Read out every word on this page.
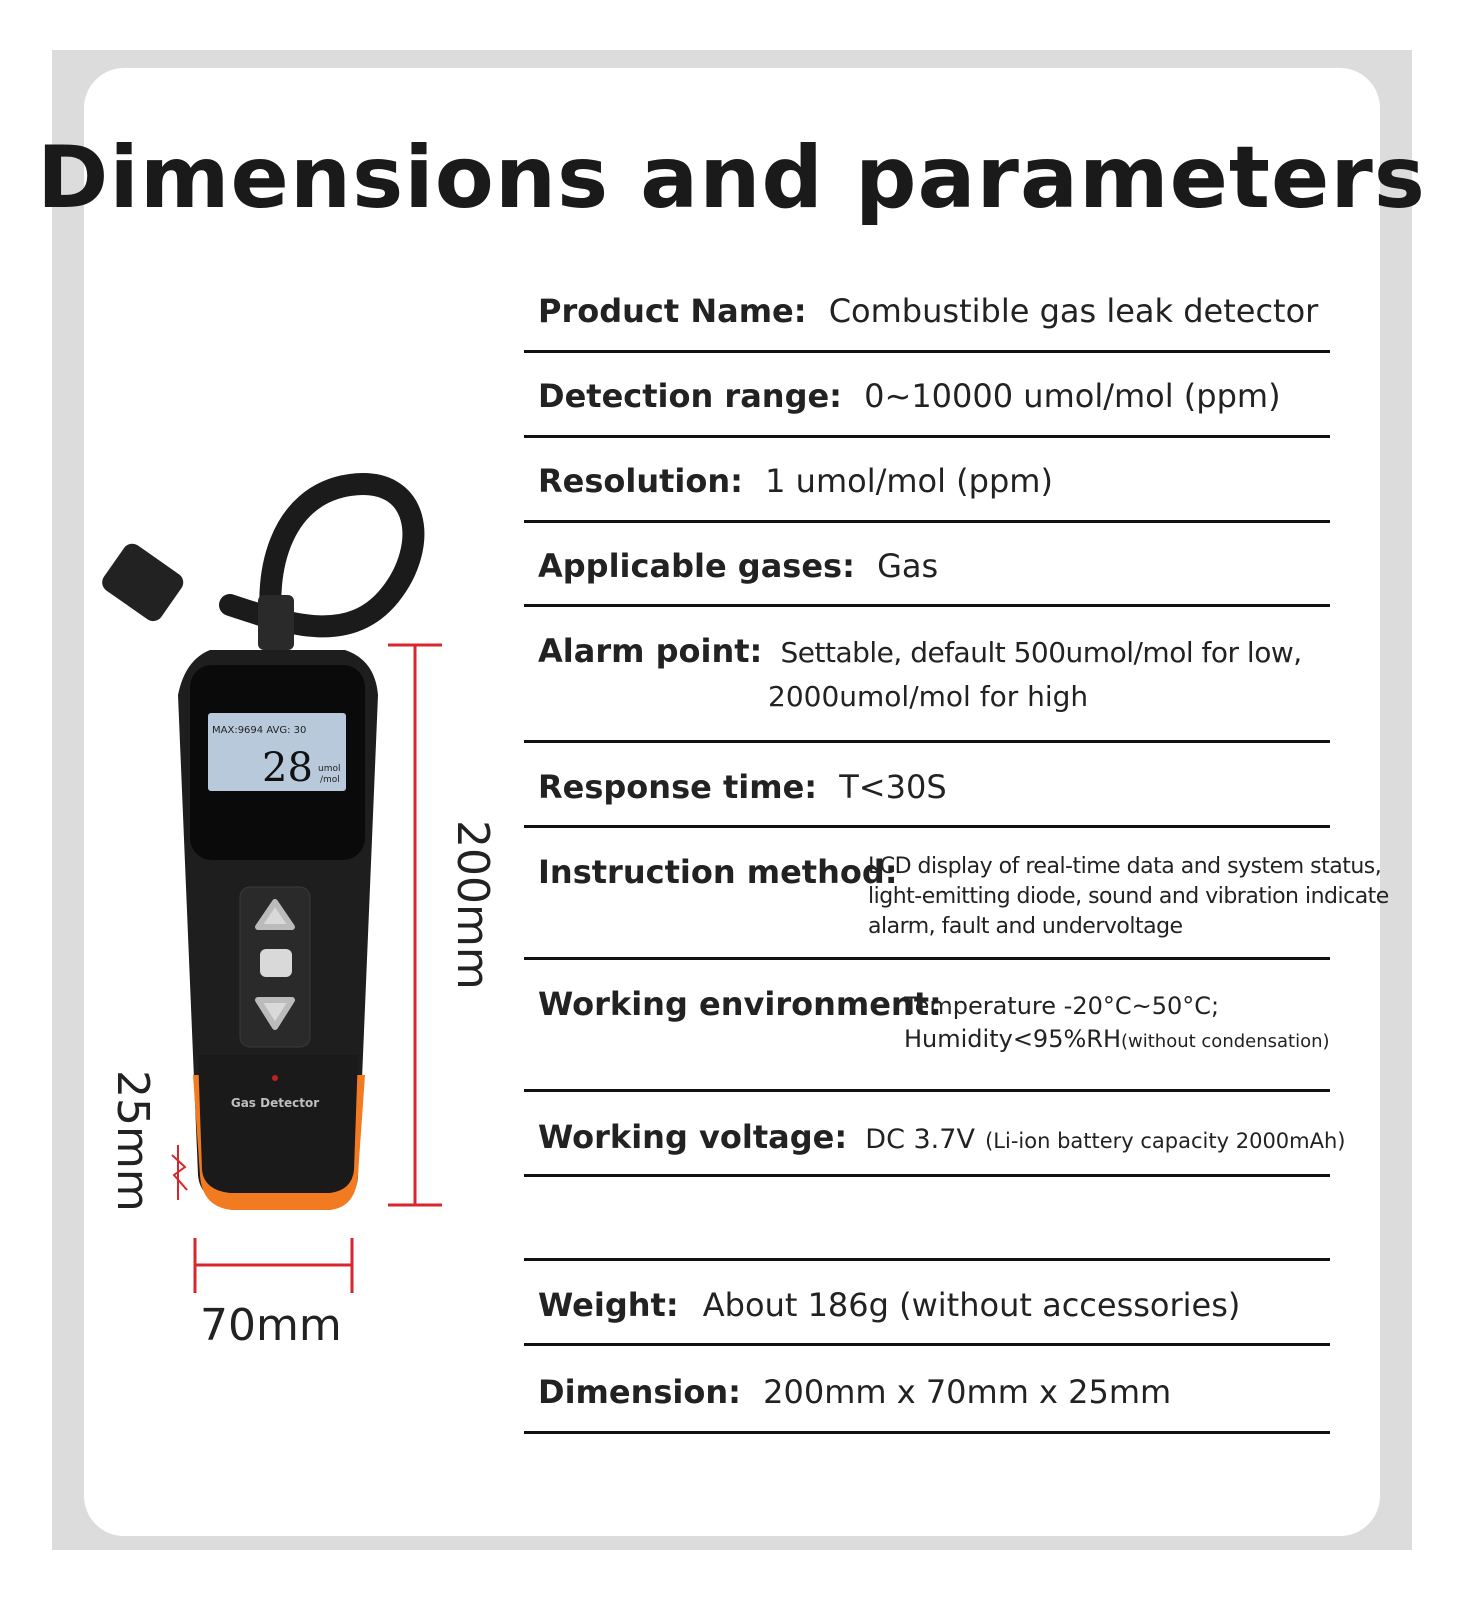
Dimensions and parameters
Product Name: Combustible gas leak detector
Detection range: 0~10000 umol/mol (ppm)
Resolution: 1 umol/mol (ppm)
Applicable gases: Gas
Alarm point: Settable, default 500umol/mol for low,
2000umol/mol for high
Response time: T<30S
Instruction method:
LCD display of real-time data and system status,
light-emitting diode, sound and vibration indicate
alarm, fault and undervoltage
Working environment:
Temperature -20°C~50°C;
Humidity<95%RH(without condensation)
Working voltage: DC 3.7V (Li-ion battery capacity 2000mAh)
Weight: About 186g (without accessories)
Dimension: 200mm x 70mm x 25mm
MAX:9694 AVG: 30
28 umol
/mol
Gas Detector
70mm
200mm
25mm
